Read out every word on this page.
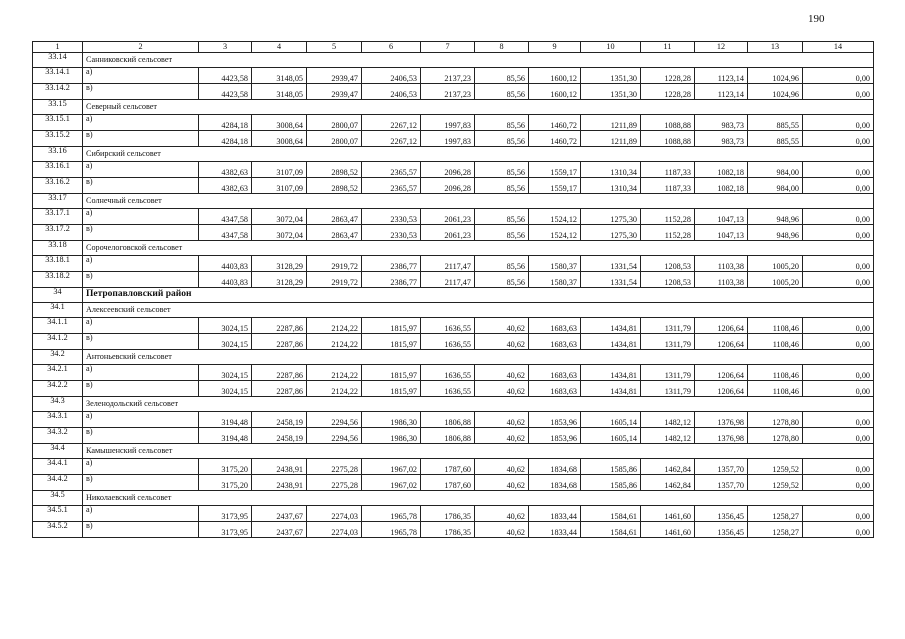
190
1	2	3	4	5	6	7	8	9	10	11	12	13	14
33.14	Санниковский сельсовет												
33.14.1	а)	4423,58	3148,05	2939,47	2406,53	2137,23	85,56	1600,12	1351,30	1228,28	1123,14	1024,96	0,00
33.14.2	в)	4423,58	3148,05	2939,47	2406,53	2137,23	85,56	1600,12	1351,30	1228,28	1123,14	1024,96	0,00
33.15	Северный сельсовет												
33.15.1	а)	4284,18	3008,64	2800,07	2267,12	1997,83	85,56	1460,72	1211,89	1088,88	983,73	885,55	0,00
33.15.2	в)	4284,18	3008,64	2800,07	2267,12	1997,83	85,56	1460,72	1211,89	1088,88	983,73	885,55	0,00
33.16	Сибирский сельсовет												
33.16.1	а)	4382,63	3107,09	2898,52	2365,57	2096,28	85,56	1559,17	1310,34	1187,33	1082,18	984,00	0,00
33.16.2	в)	4382,63	3107,09	2898,52	2365,57	2096,28	85,56	1559,17	1310,34	1187,33	1082,18	984,00	0,00
33.17	Солнечный сельсовет												
33.17.1	а)	4347,58	3072,04	2863,47	2330,53	2061,23	85,56	1524,12	1275,30	1152,28	1047,13	948,96	0,00
33.17.2	в)	4347,58	3072,04	2863,47	2330,53	2061,23	85,56	1524,12	1275,30	1152,28	1047,13	948,96	0,00
33.18	Сорочелоговской сельсовет												
33.18.1	а)	4403,83	3128,29	2919,72	2386,77	2117,47	85,56	1580,37	1331,54	1208,53	1103,38	1005,20	0,00
33.18.2	в)	4403,83	3128,29	2919,72	2386,77	2117,47	85,56	1580,37	1331,54	1208,53	1103,38	1005,20	0,00
34	Петропавловский район												
34.1	Алексеевский сельсовет												
34.1.1	а)	3024,15	2287,86	2124,22	1815,97	1636,55	40,62	1683,63	1434,81	1311,79	1206,64	1108,46	0,00
34.1.2	в)	3024,15	2287,86	2124,22	1815,97	1636,55	40,62	1683,63	1434,81	1311,79	1206,64	1108,46	0,00
34.2	Антоньевский сельсовет												
34.2.1	а)	3024,15	2287,86	2124,22	1815,97	1636,55	40,62	1683,63	1434,81	1311,79	1206,64	1108,46	0,00
34.2.2	в)	3024,15	2287,86	2124,22	1815,97	1636,55	40,62	1683,63	1434,81	1311,79	1206,64	1108,46	0,00
34.3	Зеленодольский сельсовет												
34.3.1	а)	3194,48	2458,19	2294,56	1986,30	1806,88	40,62	1853,96	1605,14	1482,12	1376,98	1278,80	0,00
34.3.2	в)	3194,48	2458,19	2294,56	1986,30	1806,88	40,62	1853,96	1605,14	1482,12	1376,98	1278,80	0,00
34.4	Камышенский сельсовет												
34.4.1	а)	3175,20	2438,91	2275,28	1967,02	1787,60	40,62	1834,68	1585,86	1462,84	1357,70	1259,52	0,00
34.4.2	в)	3175,20	2438,91	2275,28	1967,02	1787,60	40,62	1834,68	1585,86	1462,84	1357,70	1259,52	0,00
34.5	Николаевский сельсовет												
34.5.1	а)	3173,95	2437,67	2274,03	1965,78	1786,35	40,62	1833,44	1584,61	1461,60	1356,45	1258,27	0,00
34.5.2	в)	3173,95	2437,67	2274,03	1965,78	1786,35	40,62	1833,44	1584,61	1461,60	1356,45	1258,27	0,00
